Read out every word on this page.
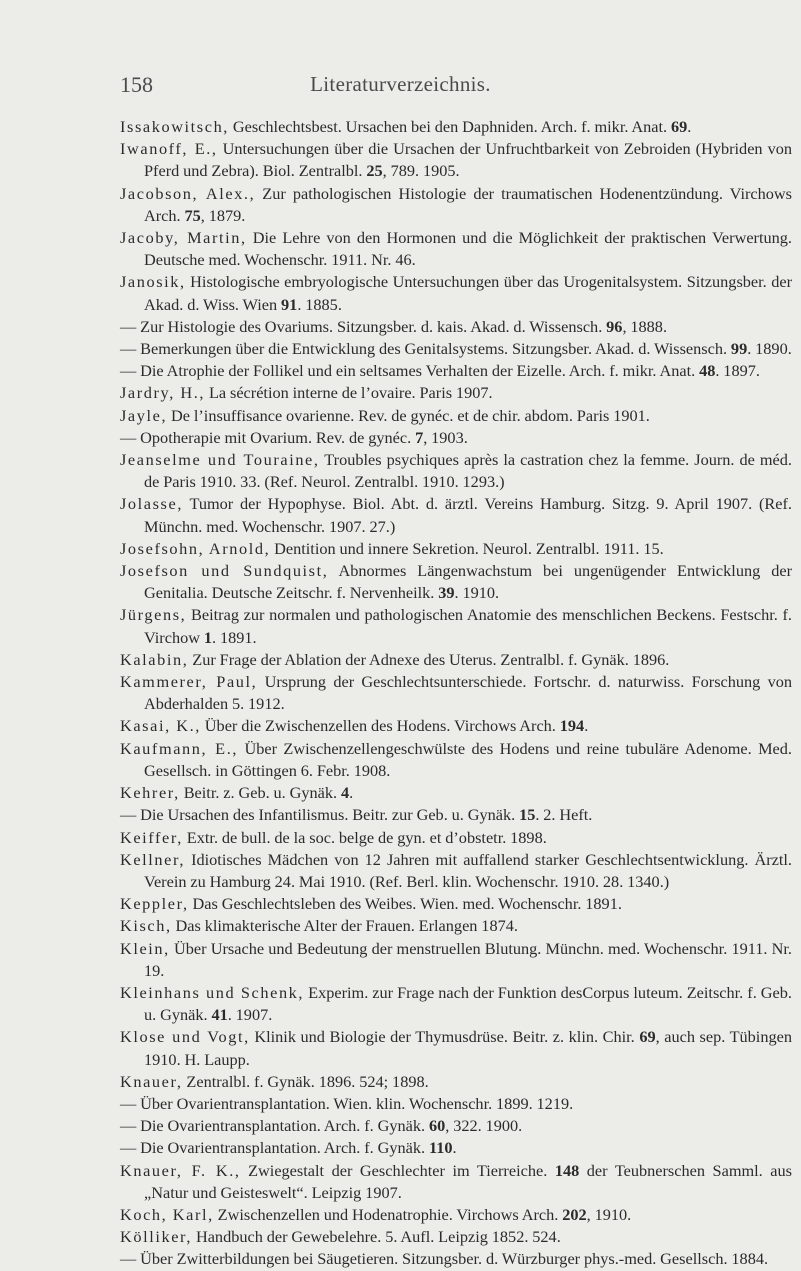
158	Literaturverzeichnis.

Issakowitsch, Geschlechtsbest. Ursachen bei den Daphniden. Arch. f. mikr. Anat. 69.

Iwanoff, E., Untersuchungen über die Ursachen der Unfruchtbarkeit von Zebroiden (Hybriden von Pferd und Zebra). Biol. Zentralbl. 25, 789. 1905.

Jacobson, Alex., Zur pathologischen Histologie der traumatischen Hodenentzündung. Virchows Arch. 75, 1879.

Jacoby, Martin, Die Lehre von den Hormonen und die Möglichkeit der praktischen Verwertung. Deutsche med. Wochenschr. 1911. Nr. 46.

Janosik, Histologische embryologische Untersuchungen über das Urogenitalsystem. Sitzungsber. der Akad. d. Wiss. Wien 91. 1885.

— Zur Histologie des Ovariums. Sitzungsber. d. kais. Akad. d. Wissensch. 96, 1888.

— Bemerkungen über die Entwicklung des Genitalsystems. Sitzungsber. Akad. d. Wissensch. 99. 1890.

— Die Atrophie der Follikel und ein seltsames Verhalten der Eizelle. Arch. f. mikr. Anat. 48. 1897.

Jardry, H., La sécrétion interne de l’ovaire. Paris 1907.

Jayle, De l’insuffisance ovarienne. Rev. de gynéc. et de chir. abdom. Paris 1901.

— Opotherapie mit Ovarium. Rev. de gynéc. 7, 1903.

Jeanselme und Touraine, Troubles psychiques après la castration chez la femme. Journ. de méd. de Paris 1910. 33. (Ref. Neurol. Zentralbl. 1910. 1293.)

Jolasse, Tumor der Hypophyse. Biol. Abt. d. ärztl. Vereins Hamburg. Sitzg. 9. April 1907. (Ref. Münchn. med. Wochenschr. 1907. 27.)

Josefsohn, Arnold, Dentition und innere Sekretion. Neurol. Zentralbl. 1911. 15.

Josefson und Sundquist, Abnormes Längenwachstum bei ungenügender Entwicklung der Genitalia. Deutsche Zeitschr. f. Nervenheilk. 39. 1910.

Jürgens, Beitrag zur normalen und pathologischen Anatomie des menschlichen Beckens. Festschr. f. Virchow 1. 1891.

Kalabin, Zur Frage der Ablation der Adnexe des Uterus. Zentralbl. f. Gynäk. 1896.

Kammerer, Paul, Ursprung der Geschlechtsunterschiede. Fortschr. d. naturwiss. Forschung von Abderhalden 5. 1912.

Kasai, K., Über die Zwischenzellen des Hodens. Virchows Arch. 194.

Kaufmann, E., Über Zwischenzellengeschwülste des Hodens und reine tubuläre Adenome. Med. Gesellsch. in Göttingen 6. Febr. 1908.

Kehrer, Beitr. z. Geb. u. Gynäk. 4.

— Die Ursachen des Infantilismus. Beitr. zur Geb. u. Gynäk. 15. 2. Heft.

Keiffer, Extr. de bull. de la soc. belge de gyn. et d’obstetr. 1898.

Kellner, Idiotisches Mädchen von 12 Jahren mit auffallend starker Geschlechtsentwicklung. Ärztl. Verein zu Hamburg 24. Mai 1910. (Ref. Berl. klin. Wochenschr. 1910. 28. 1340.)

Keppler, Das Geschlechtsleben des Weibes. Wien. med. Wochenschr. 1891.

Kisch, Das klimakterische Alter der Frauen. Erlangen 1874.

Klein, Über Ursache und Bedeutung der menstruellen Blutung. Münchn. med. Wochenschr. 1911. Nr. 19.

Kleinhans und Schenk, Experim. zur Frage nach der Funktion desCorpus luteum. Zeitschr. f. Geb. u. Gynäk. 41. 1907.

Klose und Vogt, Klinik und Biologie der Thymusdrüse. Beitr. z. klin. Chir. 69, auch sep. Tübingen 1910. H. Laupp.

Knauer, Zentralbl. f. Gynäk. 1896. 524; 1898.

— Über Ovarientransplantation. Wien. klin. Wochenschr. 1899. 1219.

— Die Ovarientransplantation. Arch. f. Gynäk. 60, 322. 1900.

— Die Ovarientransplantation. Arch. f. Gynäk. 110.

Knauer, F. K., Zwiegestalt der Geschlechter im Tierreiche. 148 der Teubnerschen Samml. aus „Natur und Geisteswelt“. Leipzig 1907.

Koch, Karl, Zwischenzellen und Hodenatrophie. Virchows Arch. 202, 1910.

Kölliker, Handbuch der Gewebelehre. 5. Aufl. Leipzig 1852. 524.

— Über Zwitterbildungen bei Säugetieren. Sitzungsber. d. Würzburger phys.-med. Gesellsch. 1884.
